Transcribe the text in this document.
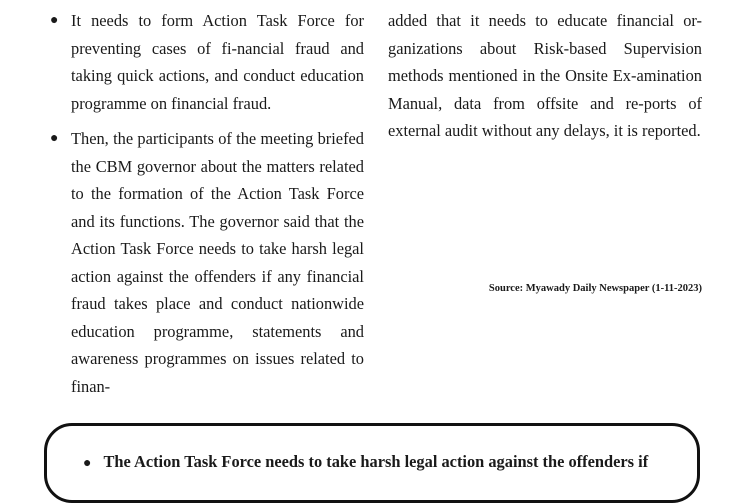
● It needs to form Action Task Force for preventing cases of fi-nancial fraud and taking quick actions, and conduct education programme on financial fraud.
● Then, the participants of the meeting briefed the CBM governor about the matters related to the formation of the Action Task Force and its functions. The governor said that the Action Task Force needs to take harsh legal action against the offenders if any financial fraud takes place and conduct nationwide education programme, statements and awareness programmes on issues related to finan-

added that it needs to educate financial or-ganizations about Risk-based Supervision methods mentioned in the Onsite Ex-amination Manual, data from offsite and re-ports of external audit without any delays, it is reported.

Source: Myawady Daily Newspaper (1-11-2023)
● The Action Task Force needs to take harsh legal action against the offenders if
